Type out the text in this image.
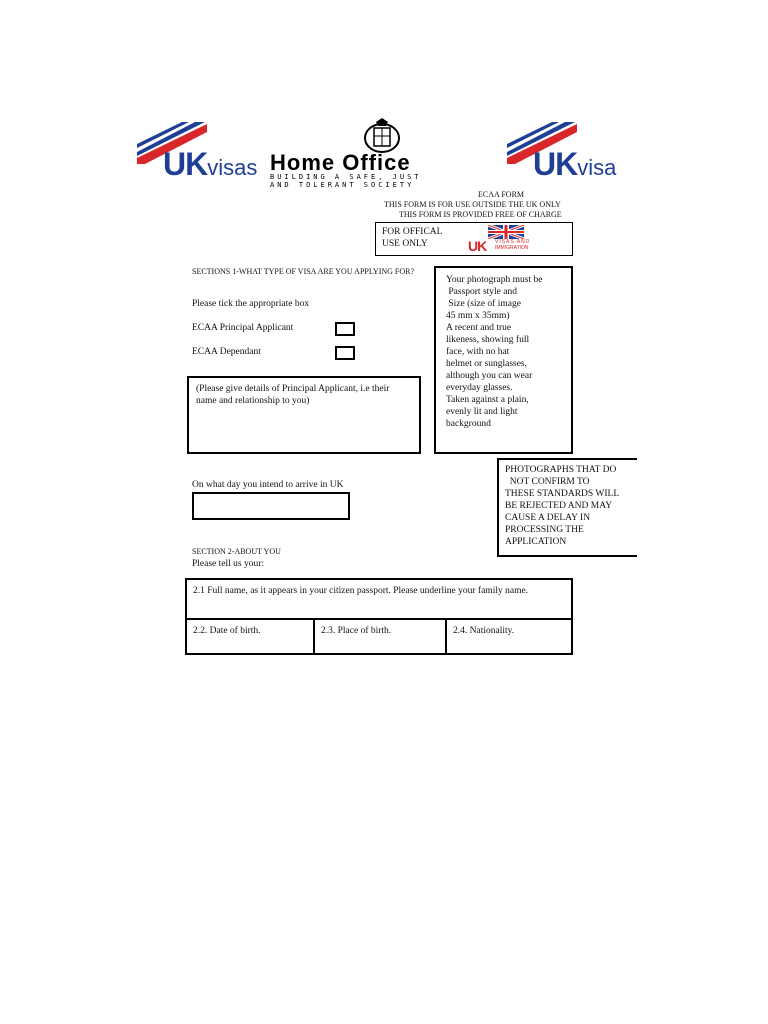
UKvisas Home Office
BUILDING A SAFE, JUST
AND TOLERANT SOCIETY
UKvisa
ECAA FORM
THIS FORM IS FOR USE OUTSIDE THE UK ONLY
THIS FORM IS PROVIDED FREE OF CHARGE
FOR OFFICAL
USE ONLY	UK VISAS AND
IMMIGRATION
SECTIONS 1-WHAT TYPE OF VISA ARE YOU APPLYING FOR?
Please tick the appropriate box
ECAA Principal Applicant
ECAA Dependant
(Please give details of Principal Applicant, i.e their name and relationship to you)
Your photograph must be
Passport style and
Size (size of image
45 mm x 35mm)
A recent and true
likeness, showing full
face, with no hat
helmet or sunglasses,
although you can wear
everyday glasses.
Taken against a plain,
evenly lit and light
background
On what day you intend to arrive in UK
PHOTOGRAPHS THAT DO
NOT CONFIRM TO
THESE STANDARDS WILL
BE REJECTED AND MAY
CAUSE A DELAY IN
PROCESSING THE
APPLICATION
SECTION 2-ABOUT YOU
Please tell us your:
2.1 Full name, as it appears in your citizen passport. Please underline your family name.
2.2. Date of birth.	2.3. Place of birth.	2.4. Nationality.
